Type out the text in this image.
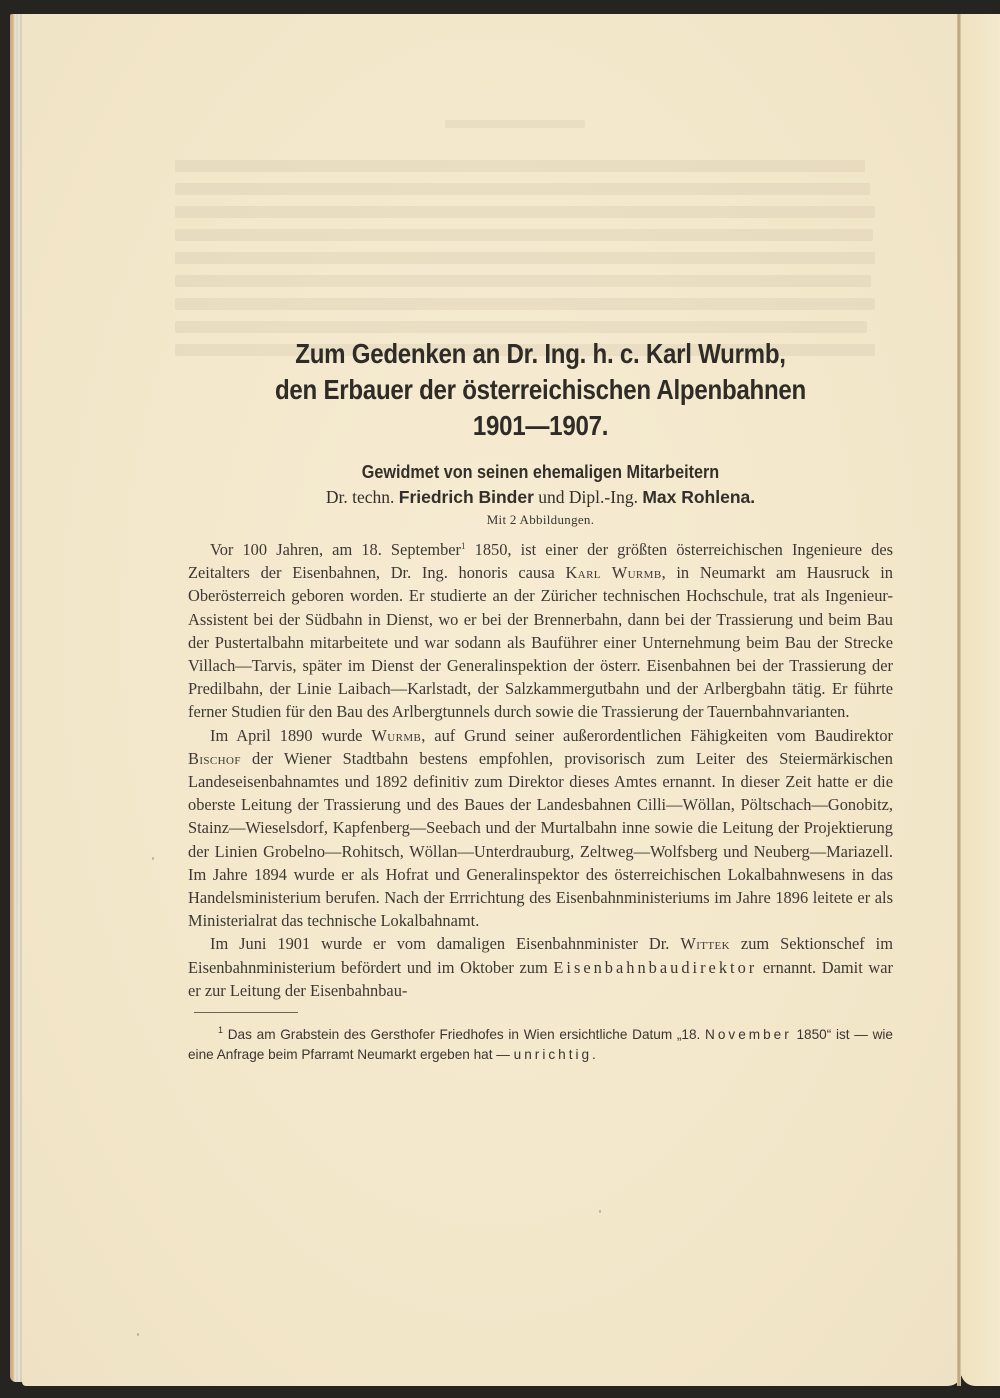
Zum Gedenken an Dr. Ing. h. c. Karl Wurmb,
den Erbauer der österreichischen Alpenbahnen
1901—1907.
Gewidmet von seinen ehemaligen Mitarbeitern
Dr. techn. Friedrich Binder und Dipl.-Ing. Max Rohlena.
Mit 2 Abbildungen.

Vor 100 Jahren, am 18. September$^1$ 1850, ist einer der größten österreichischen Ingenieure des Zeitalters der Eisenbahnen, Dr. Ing. honoris causa Karl Wurmb, in Neumarkt am Hausruck in Oberösterreich geboren worden. Er studierte an der Züricher technischen Hochschule, trat als Ingenieur-Assistent bei der Südbahn in Dienst, wo er bei der Brennerbahn, dann bei der Trassierung und beim Bau der Pustertalbahn mitarbeitete und war sodann als Bauführer einer Unternehmung beim Bau der Strecke Villach—Tarvis, später im Dienst der Generalinspektion der österr. Eisenbahnen bei der Trassierung der Predilbahn, der Linie Laibach—Karlstadt, der Salzkammergutbahn und der Arlbergbahn tätig. Er führte ferner Studien für den Bau des Arlbergtunnels durch sowie die Trassierung der Tauernbahnvarianten.

Im April 1890 wurde Wurmb, auf Grund seiner außerordentlichen Fähigkeiten vom Baudirektor Bischof der Wiener Stadtbahn bestens empfohlen, provisorisch zum Leiter des Steiermärkischen Landeseisenbahnamtes und 1892 definitiv zum Direktor dieses Amtes ernannt. In dieser Zeit hatte er die oberste Leitung der Trassierung und des Baues der Landesbahnen Cilli—Wöllan, Pöltschach—Gonobitz, Stainz—Wieselsdorf, Kapfenberg—Seebach und der Murtalbahn inne sowie die Leitung der Projektierung der Linien Grobelno—Rohitsch, Wöllan—Unterdrauburg, Zeltweg—Wolfsberg und Neuberg—Mariazell. Im Jahre 1894 wurde er als Hofrat und Generalinspektor des österreichischen Lokalbahnwesens in das Handelsministerium berufen. Nach der Errrichtung des Eisenbahnministeriums im Jahre 1896 leitete er als Ministerialrat das technische Lokalbahnamt.

Im Juni 1901 wurde er vom damaligen Eisenbahnminister Dr. Wittek zum Sektionschef im Eisenbahnministerium befördert und im Oktober zum Eisenbahnbaudirektor ernannt. Damit war er zur Leitung der Eisenbahnbau-

$^1$ Das am Grabstein des Gersthofer Friedhofes in Wien ersichtliche Datum „18. November 1850“ ist — wie eine Anfrage beim Pfarramt Neumarkt ergeben hat — unrichtig.
